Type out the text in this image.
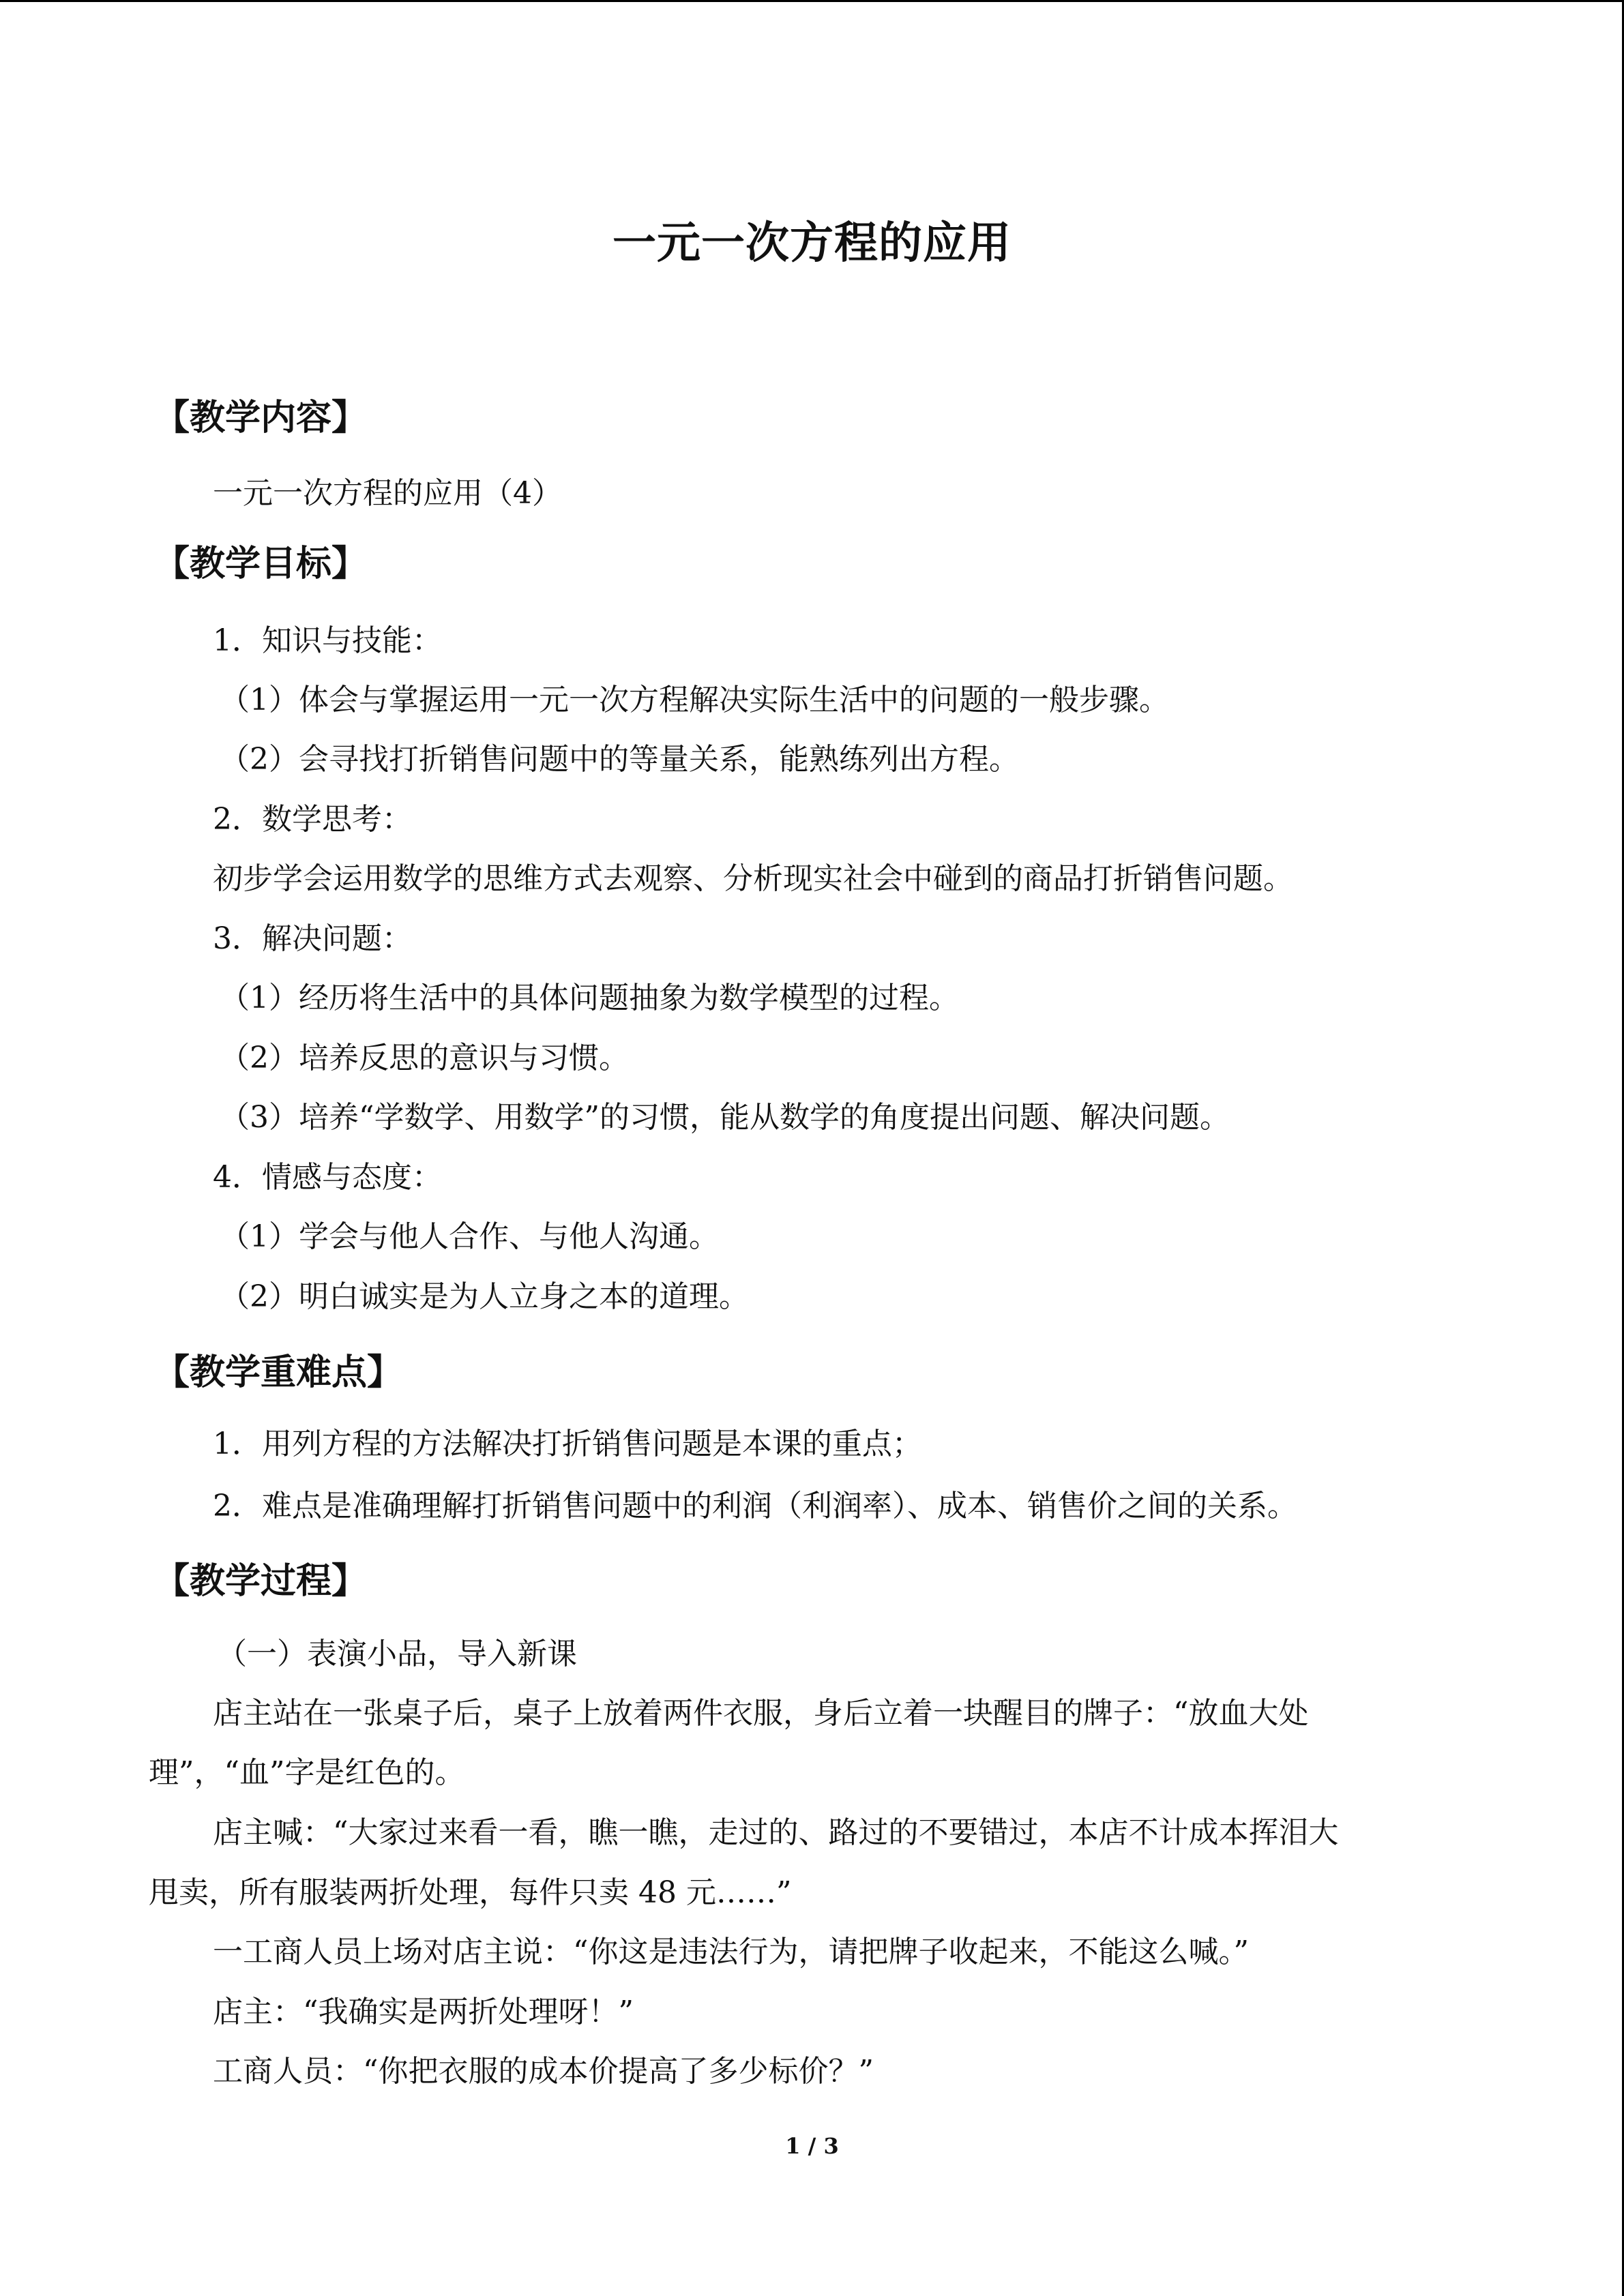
一元一次方程的应用
【教学内容】
一元一次方程的应用（4）
【教学目标】
1．知识与技能：
（1）体会与掌握运用一元一次方程解决实际生活中的问题的一般步骤。
（2）会寻找打折销售问题中的等量关系，能熟练列出方程。
2．数学思考：
初步学会运用数学的思维方式去观察、分析现实社会中碰到的商品打折销售问题。
3．解决问题：
（1）经历将生活中的具体问题抽象为数学模型的过程。
（2）培养反思的意识与习惯。
（3）培养“学数学、用数学”的习惯，能从数学的角度提出问题、解决问题。
4．情感与态度：
（1）学会与他人合作、与他人沟通。
（2）明白诚实是为人立身之本的道理。
【教学重难点】
1．用列方程的方法解决打折销售问题是本课的重点；
2．难点是准确理解打折销售问题中的利润（利润率）、成本、销售价之间的关系。
【教学过程】
（一）表演小品，导入新课
店主站在一张桌子后，桌子上放着两件衣服，身后立着一块醒目的牌子：“放血大处
理”，“血”字是红色的。
店主喊：“大家过来看一看，瞧一瞧，走过的、路过的不要错过，本店不计成本挥泪大
甩卖，所有服装两折处理，每件只卖 48 元……”
一工商人员上场对店主说：“你这是违法行为，请把牌子收起来，不能这么喊。”
店主：“我确实是两折处理呀！”
工商人员：“你把衣服的成本价提高了多少标价？”
1 / 3
